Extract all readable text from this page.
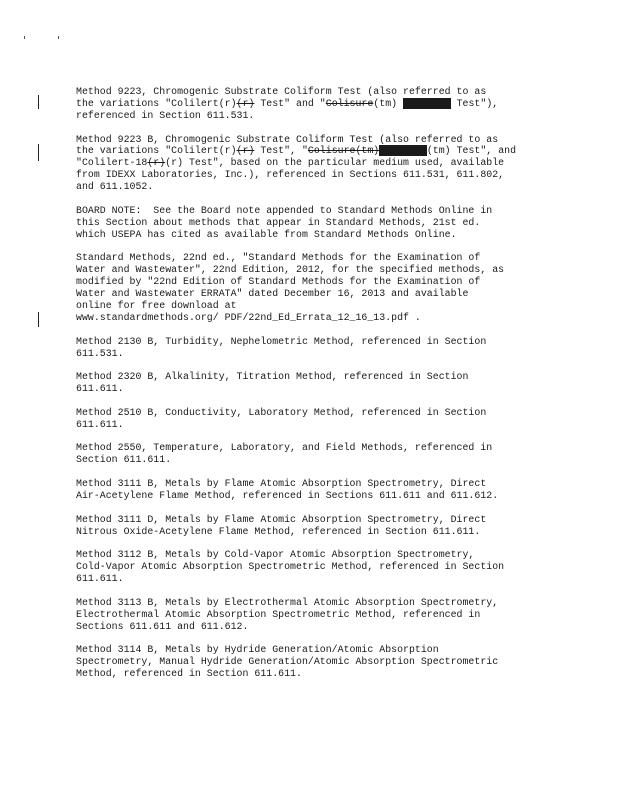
Method 9223, Chromogenic Substrate Coliform Test (also referred to as
the variations "Colilert(r)(r) Test" and "Colisure(tm) Colisure Test"),
referenced in Section 611.531.
Method 9223 B, Chromogenic Substrate Coliform Test (also referred to as
the variations "Colilert(r)(r) Test", "Colisure(tm)Colisure(tm) Test", and
"Colilert-18(r)(r) Test", based on the particular medium used, available
from IDEXX Laboratories, Inc.), referenced in Sections 611.531, 611.802,
and 611.1052.
BOARD NOTE:  See the Board note appended to Standard Methods Online in
this Section about methods that appear in Standard Methods, 21st ed.
which USEPA has cited as available from Standard Methods Online.
Standard Methods, 22nd ed., "Standard Methods for the Examination of
Water and Wastewater", 22nd Edition, 2012, for the specified methods, as
modified by "22nd Edition of Standard Methods for the Examination of
Water and Wastewater ERRATA" dated December 16, 2013 and available
online for free download at
www.standardmethods.org/ PDF/22nd_Ed_Errata_12_16_13.pdf .
Method 2130 B, Turbidity, Nephelometric Method, referenced in Section
611.531.
Method 2320 B, Alkalinity, Titration Method, referenced in Section
611.611.
Method 2510 B, Conductivity, Laboratory Method, referenced in Section
611.611.
Method 2550, Temperature, Laboratory, and Field Methods, referenced in
Section 611.611.
Method 3111 B, Metals by Flame Atomic Absorption Spectrometry, Direct
Air-Acetylene Flame Method, referenced in Sections 611.611 and 611.612.
Method 3111 D, Metals by Flame Atomic Absorption Spectrometry, Direct
Nitrous Oxide-Acetylene Flame Method, referenced in Section 611.611.
Method 3112 B, Metals by Cold-Vapor Atomic Absorption Spectrometry,
Cold-Vapor Atomic Absorption Spectrometric Method, referenced in Section
611.611.
Method 3113 B, Metals by Electrothermal Atomic Absorption Spectrometry,
Electrothermal Atomic Absorption Spectrometric Method, referenced in
Sections 611.611 and 611.612.
Method 3114 B, Metals by Hydride Generation/Atomic Absorption
Spectrometry, Manual Hydride Generation/Atomic Absorption Spectrometric
Method, referenced in Section 611.611.
